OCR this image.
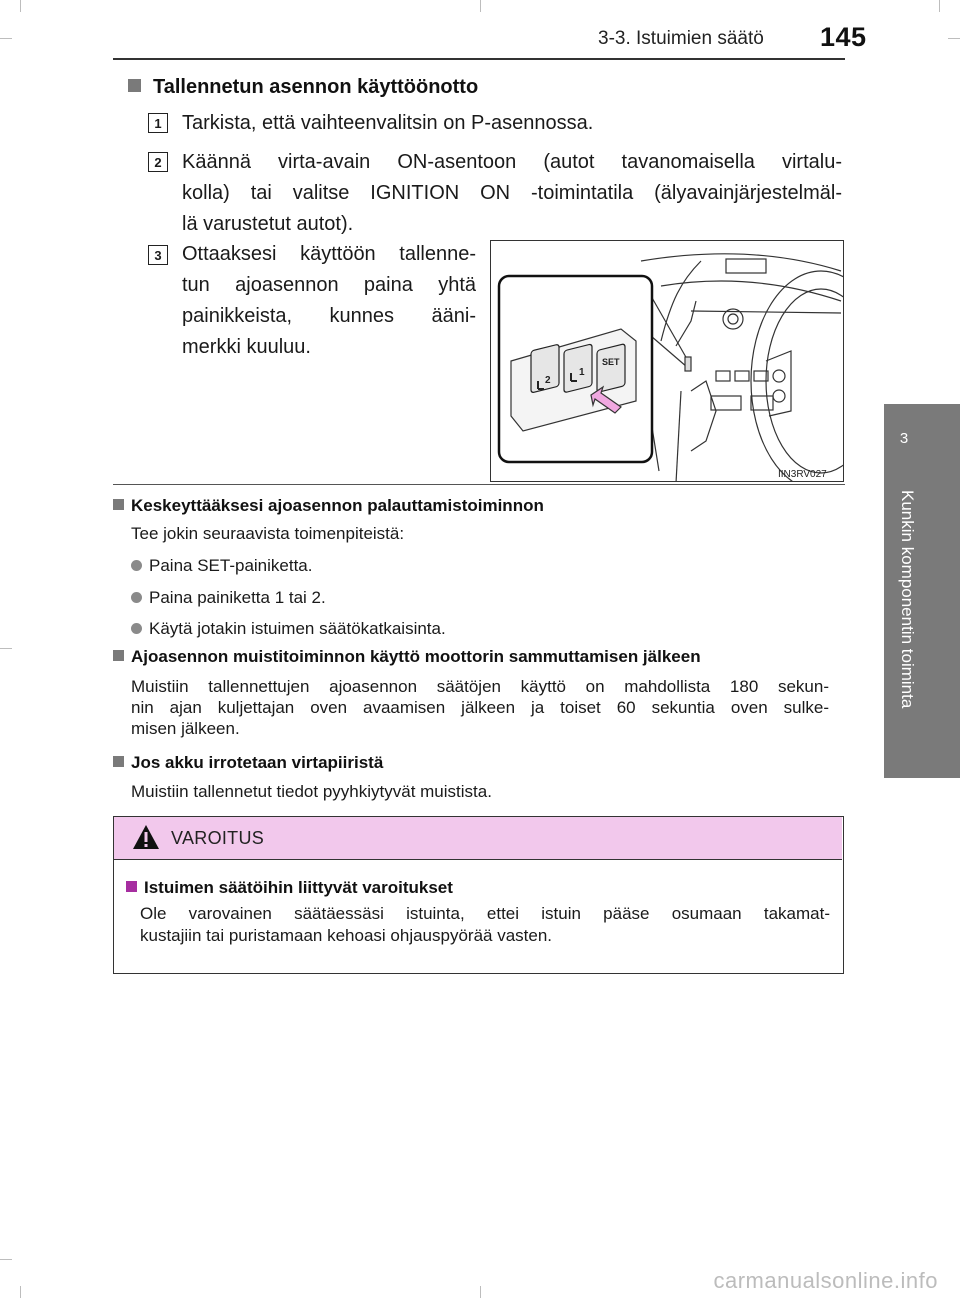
3-3. Istuimien säätö 145
3
Kunkin komponentin toiminta
Tallennetun asennon käyttöönotto
1	Tarkista, että vaihteenvalitsin on P-asennossa.
2	Käännä virta-avain ON-asentoon (autot tavanomaisella virtalu-
kolla) tai valitse IGNITION ON -toimintatila (älyavainjärjestelmäl-
lä varustetut autot).
3	Ottaaksesi käyttöön tallenne-
tun ajoasennon paina yhtä
painikkeista, kunnes ääni-
merkki kuuluu.
2
1
SET
IIN3RV027
Keskeyttääksesi ajoasennon palauttamistoiminnon
Tee jokin seuraavista toimenpiteistä:
Paina SET-painiketta.
Paina painiketta 1 tai 2.
Käytä jotakin istuimen säätökatkaisinta.
Ajoasennon muistitoiminnon käyttö moottorin sammuttamisen jälkeen
Muistiin tallennettujen ajoasennon säätöjen käyttö on mahdollista 180 sekun-
nin ajan kuljettajan oven avaamisen jälkeen ja toiset 60 sekuntia oven sulke-
misen jälkeen.
Jos akku irrotetaan virtapiiristä
Muistiin tallennetut tiedot pyyhkiytyvät muistista.
VAROITUS
Istuimen säätöihin liittyvät varoitukset
Ole varovainen säätäessäsi istuinta, ettei istuin pääse osumaan takamat-
kustajiin tai puristamaan kehoasi ohjauspyörää vasten.
carmanualsonline.info
